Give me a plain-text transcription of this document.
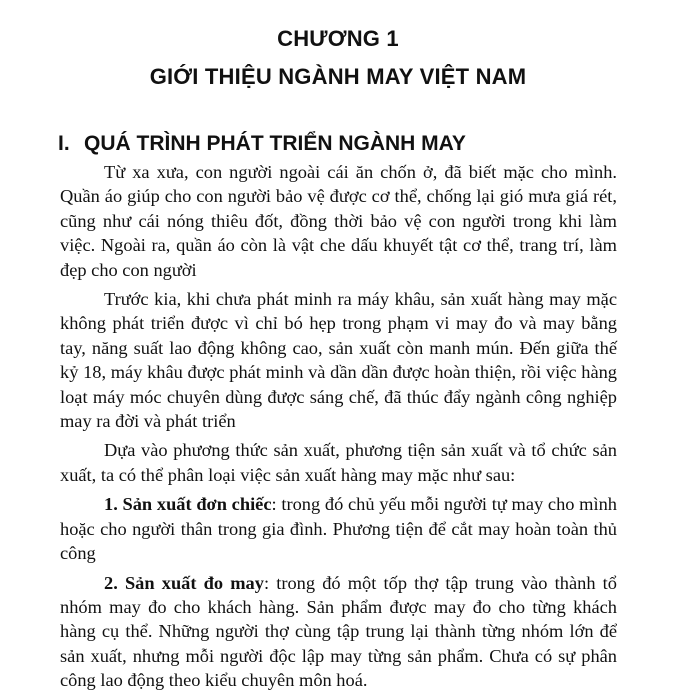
CHƯƠNG 1
GIỚI THIỆU NGÀNH MAY VIỆT NAM
I. QUÁ TRÌNH PHÁT TRIỂN NGÀNH MAY

Từ xa xưa, con người ngoài cái ăn chốn ở, đã biết mặc cho mình. Quần áo giúp cho con người bảo vệ được cơ thể, chống lại gió mưa giá rét, cũng như cái nóng thiêu đốt, đồng thời bảo vệ con người trong khi làm việc. Ngoài ra, quần áo còn là vật che dấu khuyết tật cơ thể, trang trí, làm đẹp cho con người

Trước kia, khi chưa phát minh ra máy khâu, sản xuất hàng may mặc không phát triển được vì chỉ bó hẹp trong phạm vi may đo và may bằng tay, năng suất lao động không cao, sản xuất còn manh mún. Đến giữa thế kỷ 18, máy khâu được phát minh và dần dần được hoàn thiện, rồi việc hàng loạt máy móc chuyên dùng được sáng chế, đã thúc đẩy ngành công nghiệp may ra đời và phát triển

Dựa vào phương thức sản xuất, phương tiện sản xuất và tổ chức sản xuất, ta có thể phân loại việc sản xuất hàng may mặc như sau:

1. Sản xuất đơn chiếc: trong đó chủ yếu mỗi người tự may cho mình hoặc cho người thân trong gia đình. Phương tiện để cắt may hoàn toàn thủ công

2. Sản xuất đo may: trong đó một tốp thợ tập trung vào thành tổ nhóm may đo cho khách hàng. Sản phẩm được may đo cho từng khách hàng cụ thể. Những người thợ cùng tập trung lại thành từng nhóm lớn để sản xuất, nhưng mỗi người độc lập may từng sản phẩm. Chưa có sự phân công lao động theo kiểu chuyên môn hoá.
